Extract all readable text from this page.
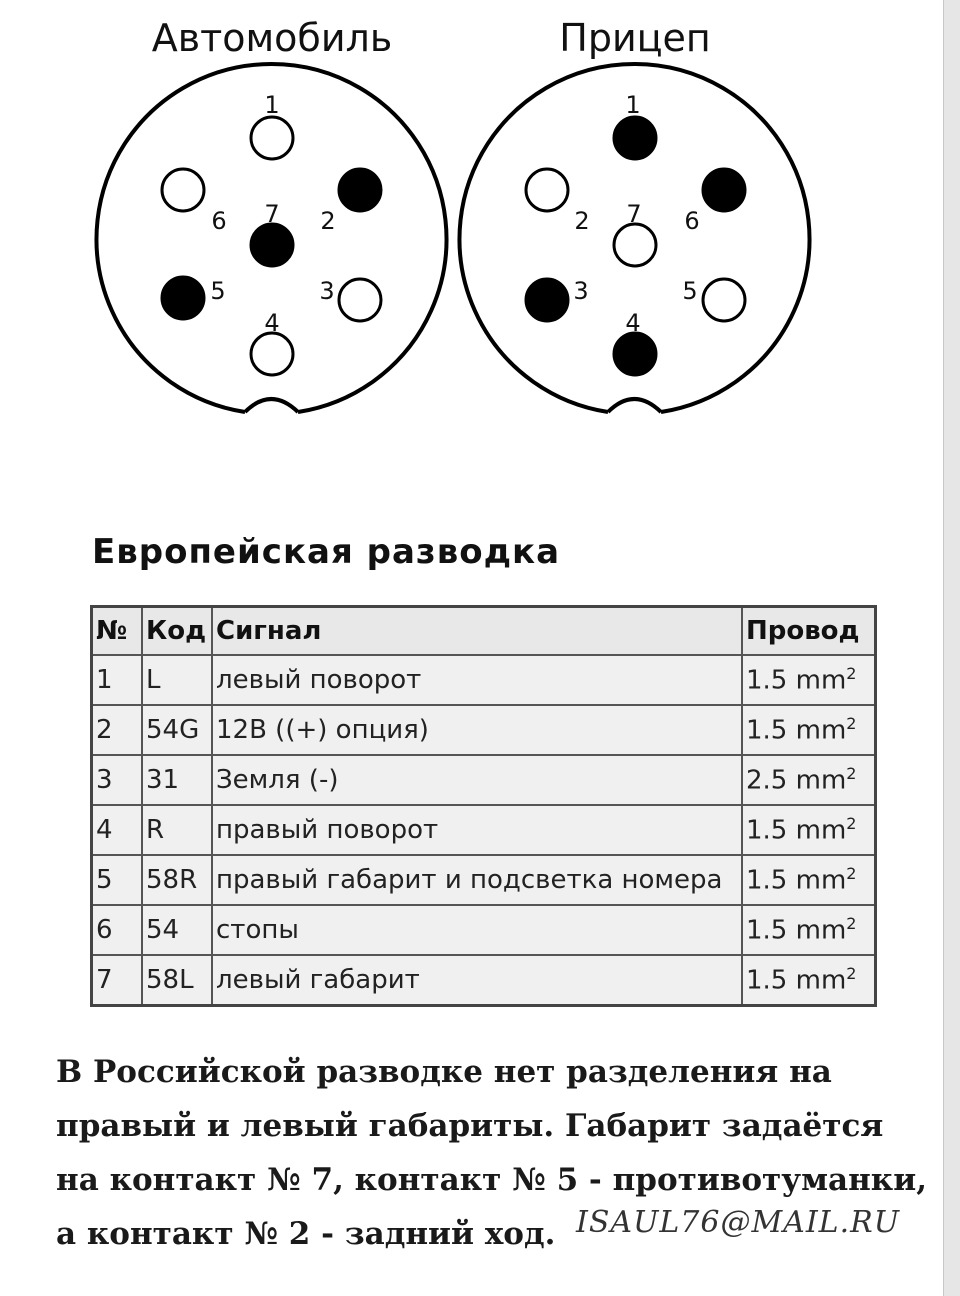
Автомобиль	Прицеп
1
2
3
4
5
6 7
1
2
3
4
5
6
7
Европейская разводка
№	Код	Сигнал	Провод
1	L	левый поворот	1.5 $mm^2$
2	54G	12В ((+) опция)	1.5 $mm^2$
3	31	Земля (-)	2.5 $mm^2$
4	R	правый поворот	1.5 $mm^2$
5	58R	правый габарит и подсветка номера	1.5 $mm^2$
6	54	стопы	1.5 $mm^2$
7	58L	левый габарит	1.5 $mm^2$
В Российской разводке нет разделения на
правый и левый габариты. Габарит задаётся
на контакт № 7, контакт № 5 - противотуманки,
а контакт № 2 - задний ход. ISAUL76@MAIL.RU
